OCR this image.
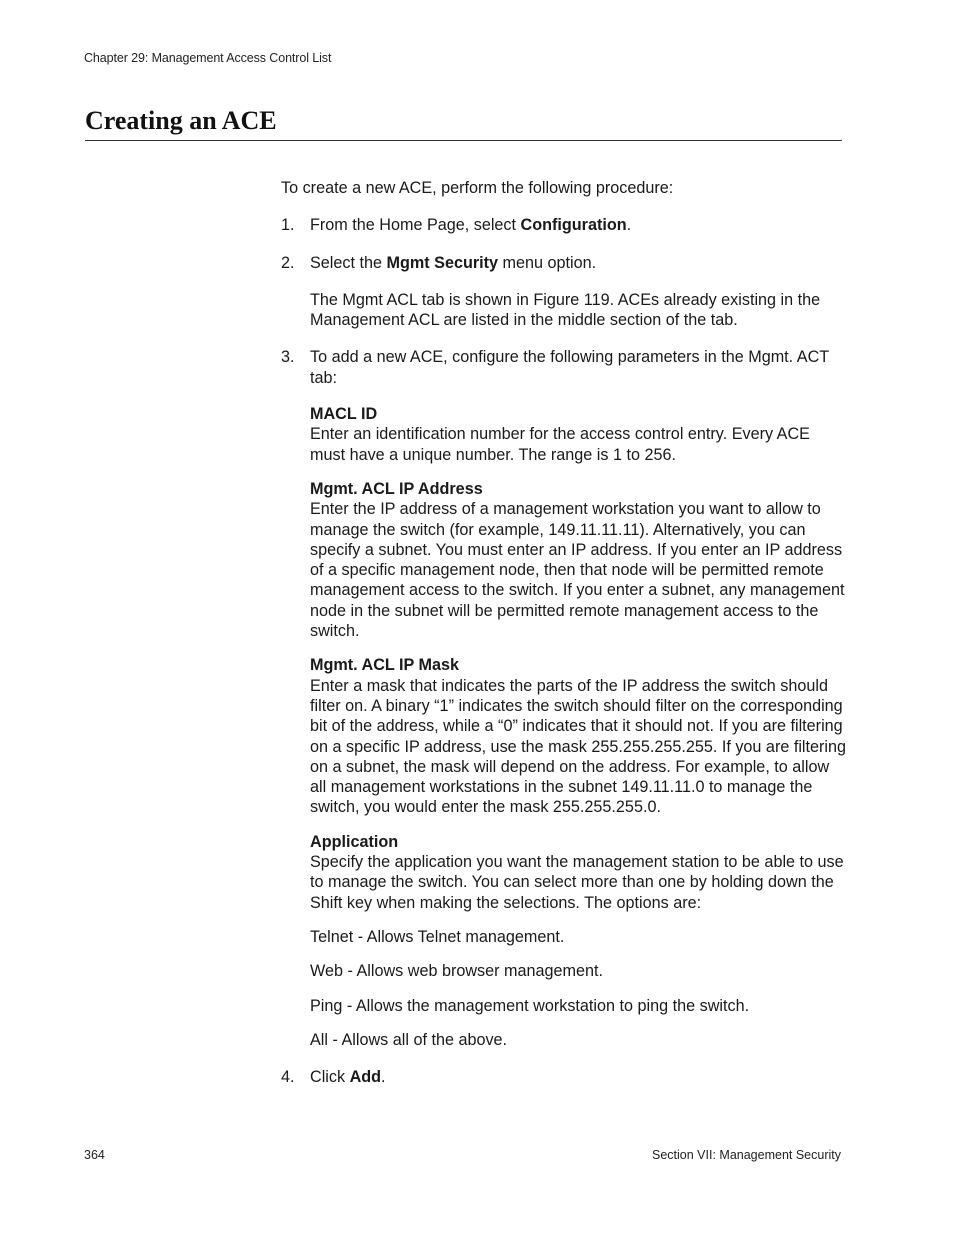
Chapter 29: Management Access Control List
Creating an ACE

To create a new ACE, perform the following procedure:

1. From the Home Page, select Configuration.

2. Select the Mgmt Security menu option.

The Mgmt ACL tab is shown in Figure 119. ACEs already existing in the Management ACL are listed in the middle section of the tab.

3. To add a new ACE, configure the following parameters in the Mgmt. ACT tab:

MACL ID

Enter an identification number for the access control entry. Every ACE must have a unique number. The range is 1 to 256.

Mgmt. ACL IP Address

Enter the IP address of a management workstation you want to allow to manage the switch (for example, 149.11.11.11). Alternatively, you can specify a subnet. You must enter an IP address. If you enter an IP address of a specific management node, then that node will be permitted remote management access to the switch. If you enter a subnet, any management node in the subnet will be permitted remote management access to the switch.

Mgmt. ACL IP Mask

Enter a mask that indicates the parts of the IP address the switch should filter on. A binary “1” indicates the switch should filter on the corresponding bit of the address, while a “0” indicates that it should not. If you are filtering on a specific IP address, use the mask 255.255.255.255. If you are filtering on a subnet, the mask will depend on the address. For example, to allow all management workstations in the subnet 149.11.11.0 to manage the switch, you would enter the mask 255.255.255.0.

Application

Specify the application you want the management station to be able to use to manage the switch. You can select more than one by holding down the Shift key when making the selections. The options are:

Telnet - Allows Telnet management.

Web - Allows web browser management.

Ping - Allows the management workstation to ping the switch.

All - Allows all of the above.

4. Click Add.

364	Section VII: Management Security
